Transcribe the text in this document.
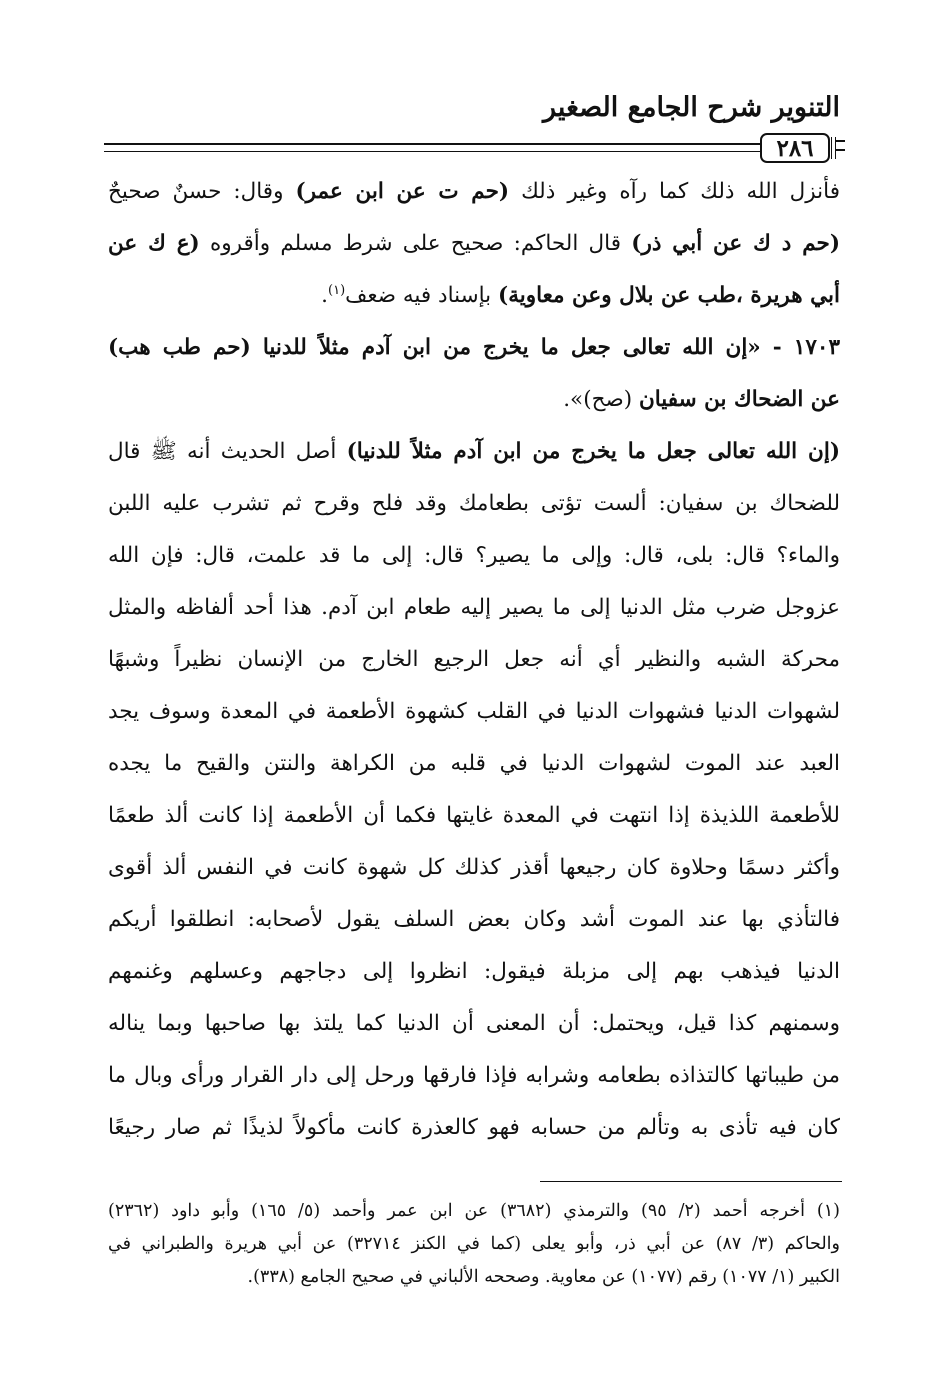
التنوير شرح الجامع الصغير
٢٨٦
فأنزل الله ذلك كما رآه وغير ذلك (حم ت عن ابن عمر) وقال: حسنٌ صحيحٌ
(حم د ك عن أبي ذر) قال الحاكم: صحيح على شرط مسلم وأقروه (ع ك عن
أبي هريرة ،طب عن بلال وعن معاوية) بإسناد فيه ضعف$^{(١)}$.
١٧٠٣ - «إن الله تعالى جعل ما يخرج من ابن آدم مثلاً للدنيا (حم طب هب)
عن الضحاك بن سفيان (صح)».
(إن الله تعالى جعل ما يخرج من ابن آدم مثلاً للدنيا) أصل الحديث أنه ﷺ قال
للضحاك بن سفيان: ألست تؤتى بطعامك وقد فلح وقرح ثم تشرب عليه اللبن
والماء؟ قال: بلى، قال: وإلى ما يصير؟ قال: إلى ما قد علمت، قال: فإن الله
عزوجل ضرب مثل الدنيا إلى ما يصير إليه طعام ابن آدم. هذا أحد ألفاظه والمثل
محركة الشبه والنظير أي أنه جعل الرجيع الخارج من الإنسان نظيراً وشبهًا
لشهوات الدنيا فشهوات الدنيا في القلب كشهوة الأطعمة في المعدة وسوف يجد
العبد عند الموت لشهوات الدنيا في قلبه من الكراهة والنتن والقيح ما يجده
للأطعمة اللذيذة إذا انتهت في المعدة غايتها فكما أن الأطعمة إذا كانت ألذ طعمًا
وأكثر دسمًا وحلاوة كان رجيعها أقذر كذلك كل شهوة كانت في النفس ألذ أقوى
فالتأذي بها عند الموت أشد وكان بعض السلف يقول لأصحابه: انطلقوا أريكم
الدنيا فيذهب بهم إلى مزبلة فيقول: انظروا إلى دجاجهم وعسلهم وغنمهم
وسمنهم كذا قيل، ويحتمل: أن المعنى أن الدنيا كما يلتذ بها صاحبها وبما يناله
من طيباتها كالتذاذه بطعامه وشرابه فإذا فارقها ورحل إلى دار القرار ورأى وبال ما
كان فيه تأذى به وتألم من حسابه فهو كالعذرة كانت مأكولاً لذيذًا ثم صار رجيعًا
(١) أخرجه أحمد (٢/ ٩٥) والترمذي (٣٦٨٢) عن ابن عمر وأحمد (٥/ ١٦٥) وأبو داود (٢٣٦٢)
والحاكم (٣/ ٨٧) عن أبي ذر، وأبو يعلى (كما في الكنز ٣٢٧١٤) عن أبي هريرة والطبراني في
الكبير (١/ ١٠٧٧) رقم (١٠٧٧) عن معاوية. وصححه الألباني في صحيح الجامع (٣٣٨).
